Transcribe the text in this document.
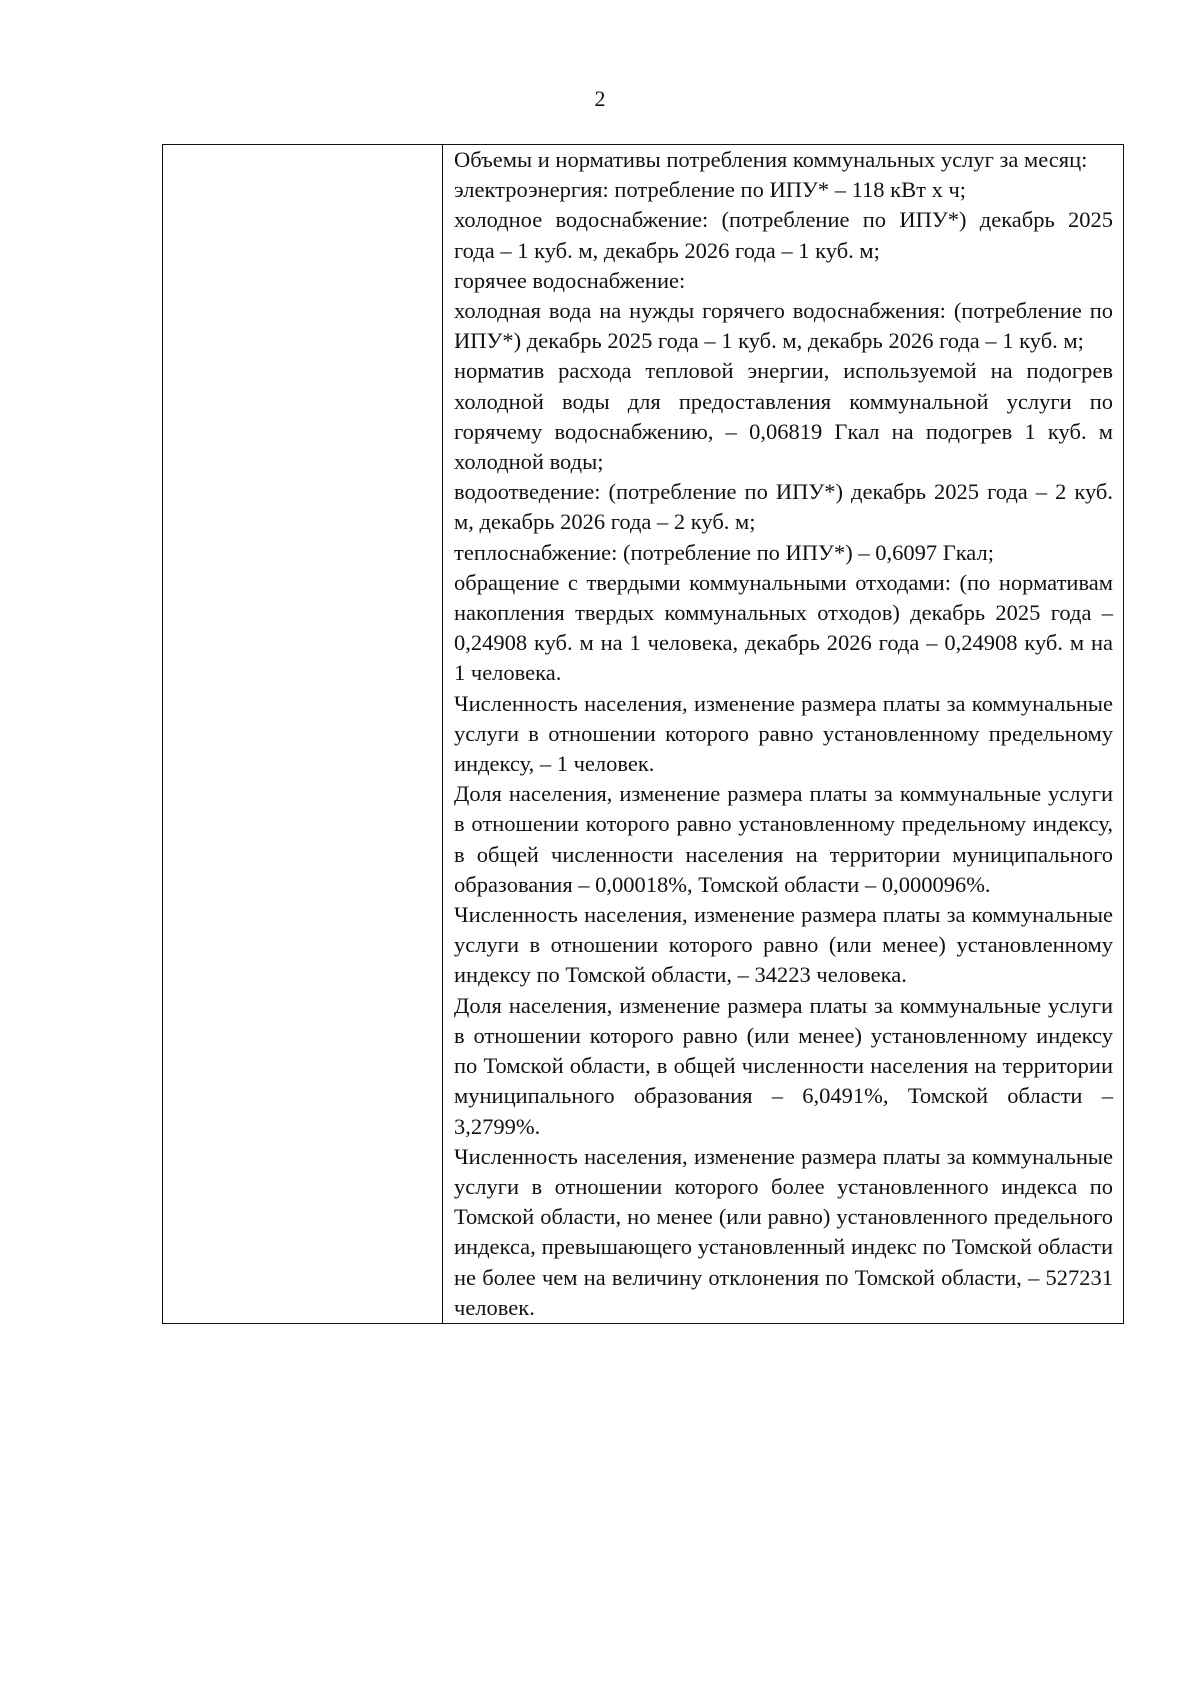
2

Объемы и нормативы потребления коммунальных услуг за месяц:

электроэнергия: потребление по ИПУ* – 118 кВт х ч;

холодное водоснабжение: (потребление по ИПУ*) декабрь 2025 года – 1 куб. м, декабрь 2026 года – 1 куб. м;

горячее водоснабжение:

холодная вода на нужды горячего водоснабжения: (потребление по ИПУ*) декабрь 2025 года – 1 куб. м, декабрь 2026 года – 1 куб. м;

норматив расхода тепловой энергии, используемой на подогрев холодной воды для предоставления коммунальной услуги по горячему водоснабжению, – 0,06819 Гкал на подогрев 1 куб. м холодной воды;

водоотведение: (потребление по ИПУ*) декабрь 2025 года – 2 куб. м, декабрь 2026 года – 2 куб. м;

теплоснабжение: (потребление по ИПУ*) – 0,6097 Гкал;

обращение с твердыми коммунальными отходами: (по нормативам накопления твердых коммунальных отходов) декабрь 2025 года – 0,24908 куб. м на 1 человека, декабрь 2026 года – 0,24908 куб. м на 1 человека.

Численность населения, изменение размера платы за коммунальные услуги в отношении которого равно установленному предельному индексу, – 1 человек.

Доля населения, изменение размера платы за коммунальные услуги в отношении которого равно установленному предельному индексу, в общей численности населения на территории муниципального образования – 0,00018%, Томской области – 0,000096%.

Численность населения, изменение размера платы за коммунальные услуги в отношении которого равно (или менее) установленному индексу по Томской области, – 34223 человека.

Доля населения, изменение размера платы за коммунальные услуги в отношении которого равно (или менее) установленному индексу по Томской области, в общей численности населения на территории муниципального образования – 6,0491%, Томской области – 3,2799%.

Численность населения, изменение размера платы за коммунальные услуги в отношении которого более установленного индекса по Томской области, но менее (или равно) установленного предельного индекса, превышающего установленный индекс по Томской области не более чем на величину отклонения по Томской области, – 527231 человек.
